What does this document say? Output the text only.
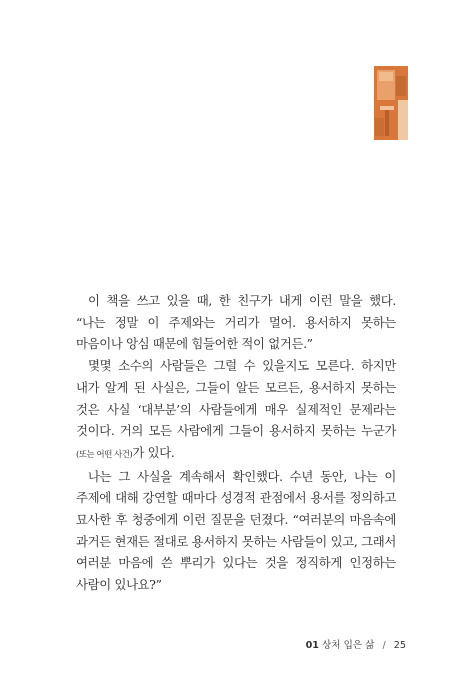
이 책을 쓰고 있을 때, 한 친구가 내게 이런 말을 했다. “나는 정말 이 주제와는 거리가 멀어. 용서하지 못하는 마음이나 앙심 때문에 힘들어한 적이 없거든.”

몇몇 소수의 사람들은 그럴 수 있을지도 모른다. 하지만 내가 알게 된 사실은, 그들이 알든 모르든, 용서하지 못하는 것은 사실 ‘대부분’의 사람들에게 매우 실제적인 문제라는 것이다. 거의 모든 사람에게 그들이 용서하지 못하는 누군가(또는 어떤 사건)가 있다.

나는 그 사실을 계속해서 확인했다. 수년 동안, 나는 이 주제에 대해 강연할 때마다 성경적 관점에서 용서를 정의하고 묘사한 후 청중에게 이런 질문을 던졌다. “여러분의 마음속에 과거든 현재든 절대로 용서하지 못하는 사람들이 있고, 그래서 여러분 마음에 쓴 뿌리가 있다는 것을 정직하게 인정하는 사람이 있나요?”

01 상처 입은 삶 / 25
